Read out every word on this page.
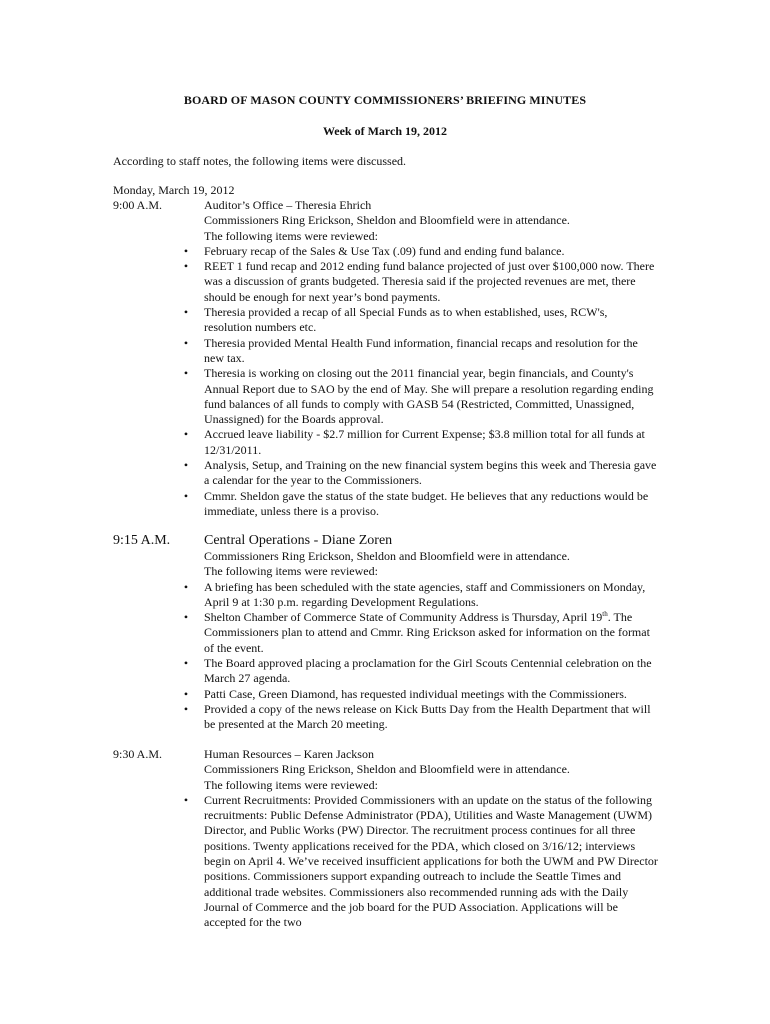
BOARD OF MASON COUNTY COMMISSIONERS’ BRIEFING MINUTES
Week of March 19, 2012
According to staff notes, the following items were discussed.
Monday, March 19, 2012
9:00 A.M.	Auditor’s Office – Theresia Ehrich
Commissioners Ring Erickson, Sheldon and Bloomfield were in attendance.
The following items were reviewed:
• February recap of the Sales & Use Tax (.09) fund and ending fund balance.
• REET 1 fund recap and 2012 ending fund balance projected of just over $100,000 now. There was a discussion of grants budgeted. Theresia said if the projected revenues are met, there should be enough for next year’s bond payments.
• Theresia provided a recap of all Special Funds as to when established, uses, RCW's, resolution numbers etc.
• Theresia provided Mental Health Fund information, financial recaps and resolution for the new tax.
• Theresia is working on closing out the 2011 financial year, begin financials, and County's Annual Report due to SAO by the end of May. She will prepare a resolution regarding ending fund balances of all funds to comply with GASB 54 (Restricted, Committed, Unassigned, Unassigned) for the Boards approval.
• Accrued leave liability - $2.7 million for Current Expense; $3.8 million total for all funds at 12/31/2011.
• Analysis, Setup, and Training on the new financial system begins this week and Theresia gave a calendar for the year to the Commissioners.
• Cmmr. Sheldon gave the status of the state budget. He believes that any reductions would be immediate, unless there is a proviso.
9:15 A.M.	Central Operations - Diane Zoren
Commissioners Ring Erickson, Sheldon and Bloomfield were in attendance.
The following items were reviewed:
• A briefing has been scheduled with the state agencies, staff and Commissioners on Monday, April 9 at 1:30 p.m. regarding Development Regulations.
• Shelton Chamber of Commerce State of Community Address is Thursday, April 19th. The Commissioners plan to attend and Cmmr. Ring Erickson asked for information on the format of the event.
• The Board approved placing a proclamation for the Girl Scouts Centennial celebration on the March 27 agenda.
• Patti Case, Green Diamond, has requested individual meetings with the Commissioners.
• Provided a copy of the news release on Kick Butts Day from the Health Department that will be presented at the March 20 meeting.
9:30 A.M.	Human Resources – Karen Jackson
Commissioners Ring Erickson, Sheldon and Bloomfield were in attendance.
The following items were reviewed:
• Current Recruitments: Provided Commissioners with an update on the status of the following recruitments: Public Defense Administrator (PDA), Utilities and Waste Management (UWM) Director, and Public Works (PW) Director. The recruitment process continues for all three positions. Twenty applications received for the PDA, which closed on 3/16/12; interviews begin on April 4. We’ve received insufficient applications for both the UWM and PW Director positions. Commissioners support expanding outreach to include the Seattle Times and additional trade websites. Commissioners also recommended running ads with the Daily Journal of Commerce and the job board for the PUD Association. Applications will be accepted for the two
